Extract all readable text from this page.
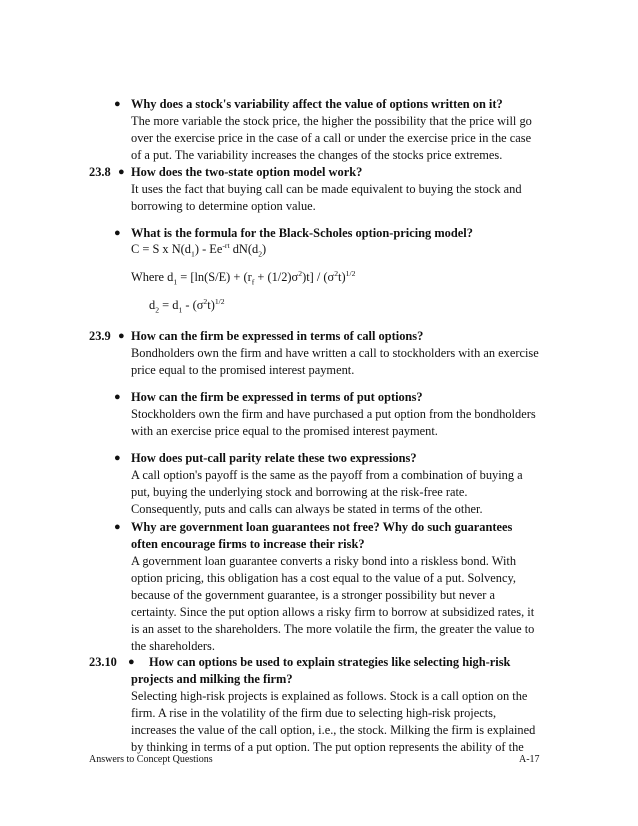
● Why does a stock's variability affect the value of options written on it?
The more variable the stock price, the higher the possibility that the price will go
over the exercise price in the case of a call or under the exercise price in the case
of a put. The variability increases the changes of the stocks price extremes.
23.8 ● How does the two-state option model work?
It uses the fact that buying call can be made equivalent to buying the stock and
borrowing to determine option value.
● What is the formula for the Black-Scholes option-pricing model?
C = S x $N(d_1) - Ee^{-rt}$ $dN(d_2)$
Where $d_1 = [\ln(S/E) + (r_f + (1/2)\sigma^2)t] / (\sigma^2t)^{1/2}$
$d_2 = d_1 - (\sigma^2t)^{1/2}$
23.9 ● How can the firm be expressed in terms of call options?
Bondholders own the firm and have written a call to stockholders with an exercise
price equal to the promised interest payment.
● How can the firm be expressed in terms of put options?
Stockholders own the firm and have purchased a put option from the bondholders
with an exercise price equal to the promised interest payment.
● How does put-call parity relate these two expressions?
A call option's payoff is the same as the payoff from a combination of buying a
put, buying the underlying stock and borrowing at the risk-free rate.
Consequently, puts and calls can always be stated in terms of the other.
● Why are government loan guarantees not free? Why do such guarantees
often encourage firms to increase their risk?
A government loan guarantee converts a risky bond into a riskless bond. With
option pricing, this obligation has a cost equal to the value of a put. Solvency,
because of the government guarantee, is a stronger possibility but never a
certainty. Since the put option allows a risky firm to borrow at subsidized rates, it
is an asset to the shareholders. The more volatile the firm, the greater the value to
the shareholders.
23.10 ●	How can options be used to explain strategies like selecting high-risk
projects and milking the firm?
Selecting high-risk projects is explained as follows. Stock is a call option on the
firm. A rise in the volatility of the firm due to selecting high-risk projects,
increases the value of the call option, i.e., the stock. Milking the firm is explained
by thinking in terms of a put option. The put option represents the ability of the
Answers to Concept Questions	A-17
